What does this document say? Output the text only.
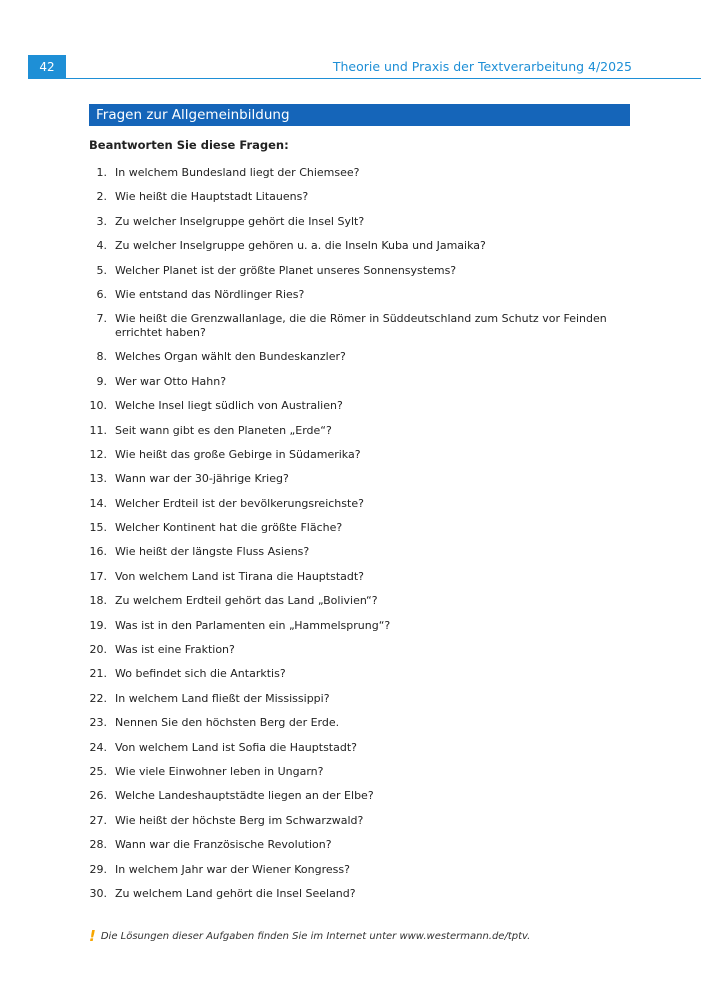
42	Theorie und Praxis der Textverarbeitung 4/2025
Fragen zur Allgemeinbildung
Beantworten Sie diese Fragen:
1. In welchem Bundesland liegt der Chiemsee?
2. Wie heißt die Hauptstadt Litauens?
3. Zu welcher Inselgruppe gehört die Insel Sylt?
4. Zu welcher Inselgruppe gehören u. a. die Inseln Kuba und Jamaika?
5. Welcher Planet ist der größte Planet unseres Sonnensystems?
6. Wie entstand das Nördlinger Ries?
7. Wie heißt die Grenzwallanlage, die die Römer in Süddeutschland zum Schutz vor Feinden errichtet haben?
8. Welches Organ wählt den Bundeskanzler?
9. Wer war Otto Hahn?
10. Welche Insel liegt südlich von Australien?
11. Seit wann gibt es den Planeten „Erde“?
12. Wie heißt das große Gebirge in Südamerika?
13. Wann war der 30-jährige Krieg?
14. Welcher Erdteil ist der bevölkerungsreichste?
15. Welcher Kontinent hat die größte Fläche?
16. Wie heißt der längste Fluss Asiens?
17. Von welchem Land ist Tirana die Hauptstadt?
18. Zu welchem Erdteil gehört das Land „Bolivien“?
19. Was ist in den Parlamenten ein „Hammelsprung“?
20. Was ist eine Fraktion?
21. Wo befindet sich die Antarktis?
22. In welchem Land fließt der Mississippi?
23. Nennen Sie den höchsten Berg der Erde.
24. Von welchem Land ist Sofia die Hauptstadt?
25. Wie viele Einwohner leben in Ungarn?
26. Welche Landeshauptstädte liegen an der Elbe?
27. Wie heißt der höchste Berg im Schwarzwald?
28. Wann war die Französische Revolution?
29. In welchem Jahr war der Wiener Kongress?
30. Zu welchem Land gehört die Insel Seeland?
! Die Lösungen dieser Aufgaben finden Sie im Internet unter www.westermann.de/tptv.
